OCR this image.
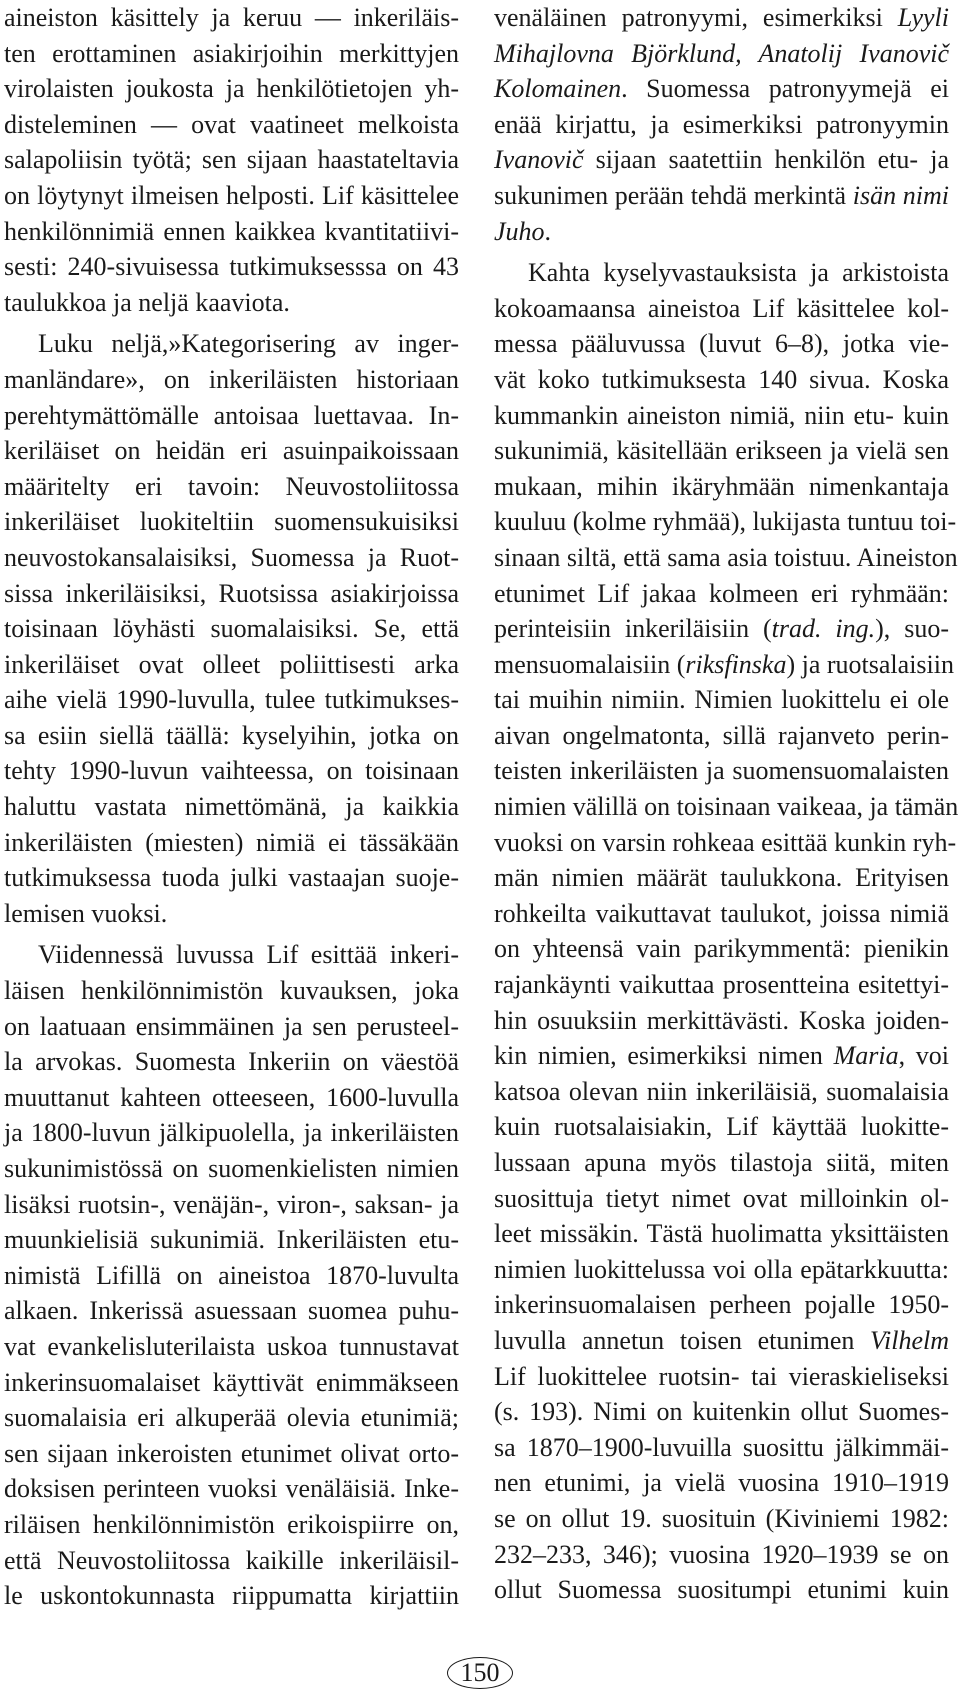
aineiston käsittely ja keruu — inkeriläis-
ten erottaminen asiakirjoihin merkittyjen
virolaisten joukosta ja henkilötietojen yh-
disteleminen — ovat vaatineet melkoista
salapoliisin työtä; sen sijaan haastateltavia
on löytynyt ilmeisen helposti. Lif käsittelee
henkilönnimiä ennen kaikkea kvantitatiivi-
sesti: 240-sivuisessa tutkimuksesssa on 43
taulukkoa ja neljä kaaviota.
Luku neljä,»Kategorisering av inger-
manländare», on inkeriläisten historiaan
perehtymättömälle antoisaa luettavaa. In-
keriläiset on heidän eri asuinpaikoissaan
määritelty eri tavoin: Neuvostoliitossa
inkeriläiset luokiteltiin suomensukuisiksi
neuvostokansalaisiksi, Suomessa ja Ruot-
sissa inkeriläisiksi, Ruotsissa asiakirjoissa
toisinaan löyhästi suomalaisiksi. Se, että
inkeriläiset ovat olleet poliittisesti arka
aihe vielä 1990-luvulla, tulee tutkimukses-
sa esiin siellä täällä: kyselyihin, jotka on
tehty 1990-luvun vaihteessa, on toisinaan
haluttu vastata nimettömänä, ja kaikkia
inkeriläisten (miesten) nimiä ei tässäkään
tutkimuksessa tuoda julki vastaajan suoje-
lemisen vuoksi.
Viidennessä luvussa Lif esittää inkeri-
läisen henkilönnimistön kuvauksen, joka
on laatuaan ensimmäinen ja sen perusteel-
la arvokas. Suomesta Inkeriin on väestöä
muuttanut kahteen otteeseen, 1600-luvulla
ja 1800-luvun jälkipuolella, ja inkeriläisten
sukunimistössä on suomenkielisten nimien
lisäksi ruotsin-, venäjän-, viron-, saksan- ja
muunkielisiä sukunimiä. Inkeriläisten etu-
nimistä Lifillä on aineistoa 1870-luvulta
alkaen. Inkerissä asuessaan suomea puhu-
vat evankelisluterilaista uskoa tunnustavat
inkerinsuomalaiset käyttivät enimmäkseen
suomalaisia eri alkuperää olevia etunimiä;
sen sijaan inkeroisten etunimet olivat orto-
doksisen perinteen vuoksi venäläisiä. Inke-
riläisen henkilönnimistön erikoispiirre on,
että Neuvostoliitossa kaikille inkeriläisil-
le uskontokunnasta riippumatta kirjattiin
venäläinen patronyymi, esimerkiksi Lyyli
Mihajlovna Björklund, Anatolij Ivanovič
Kolomainen. Suomessa patronyymejä ei
enää kirjattu, ja esimerkiksi patronyymin
Ivanovič sijaan saatettiin henkilön etu- ja
sukunimen perään tehdä merkintä isän nimi
Juho.
Kahta kyselyvastauksista ja arkistoista
kokoamaansa aineistoa Lif käsittelee kol-
messa pääluvussa (luvut 6–8), jotka vie-
vät koko tutkimuksesta 140 sivua. Koska
kummankin aineiston nimiä, niin etu- kuin
sukunimiä, käsitellään erikseen ja vielä sen
mukaan, mihin ikäryhmään nimenkantaja
kuuluu (kolme ryhmää), lukijasta tuntuu toi-
sinaan siltä, että sama asia toistuu. Aineiston
etunimet Lif jakaa kolmeen eri ryhmään:
perinteisiin inkeriläisiin (trad. ing.), suo-
mensuomalaisiin (riksfinska) ja ruotsalaisiin
tai muihin nimiin. Nimien luokittelu ei ole
aivan ongelmatonta, sillä rajanveto perin-
teisten inkeriläisten ja suomensuomalaisten
nimien välillä on toisinaan vaikeaa, ja tämän
vuoksi on varsin rohkeaa esittää kunkin ryh-
män nimien määrät taulukkona. Erityisen
rohkeilta vaikuttavat taulukot, joissa nimiä
on yhteensä vain parikymmentä: pienikin
rajankäynti vaikuttaa prosentteina esitettyi-
hin osuuksiin merkittävästi. Koska joiden-
kin nimien, esimerkiksi nimen Maria, voi
katsoa olevan niin inkeriläisiä, suomalaisia
kuin ruotsalaisiakin, Lif käyttää luokitte-
lussaan apuna myös tilastoja siitä, miten
suosittuja tietyt nimet ovat milloinkin ol-
leet missäkin. Tästä huolimatta yksittäisten
nimien luokittelussa voi olla epätarkkuutta:
inkerinsuomalaisen perheen pojalle 1950-
luvulla annetun toisen etunimen Vilhelm
Lif luokittelee ruotsin- tai vieraskieliseksi
(s. 193). Nimi on kuitenkin ollut Suomes-
sa 1870–1900-luvuilla suosittu jälkimmäi-
nen etunimi, ja vielä vuosina 1910–1919
se on ollut 19. suosituin (Kiviniemi 1982:
232–233, 346); vuosina 1920–1939 se on
ollut Suomessa suositumpi etunimi kuin
150
